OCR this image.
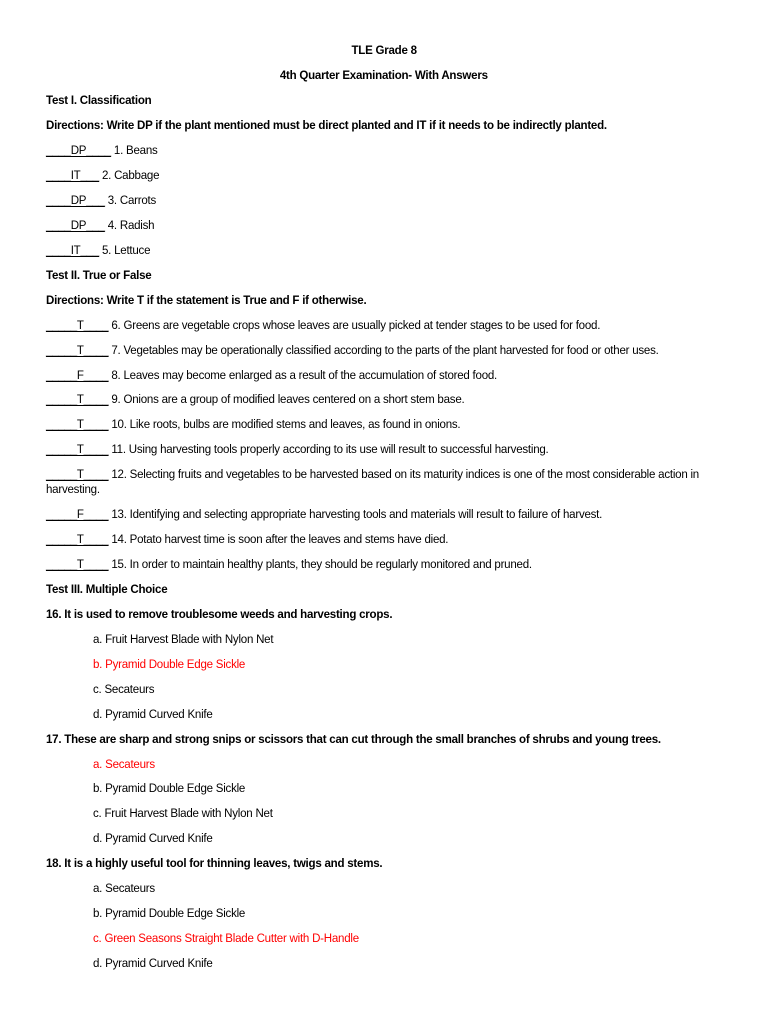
TLE Grade 8
4th Quarter Examination- With Answers
Test I. Classification
Directions: Write DP if the plant mentioned must be direct planted and IT if it needs to be indirectly planted.
____DP____ 1. Beans
____IT___ 2. Cabbage
____DP___ 3. Carrots
____DP___ 4. Radish
____IT___ 5. Lettuce
Test II. True or False
Directions: Write T if the statement is True and F if otherwise.
_____T____ 6. Greens are vegetable crops whose leaves are usually picked at tender stages to be used for food.
_____T____ 7. Vegetables may be operationally classified according to the parts of the plant harvested for food or other uses.
_____F____ 8. Leaves may become enlarged as a result of the accumulation of stored food.
_____T____ 9. Onions are a group of modified leaves centered on a short stem base.
_____T____ 10. Like roots, bulbs are modified stems and leaves, as found in onions.
_____T____ 11. Using harvesting tools properly according to its use will result to successful harvesting.
_____T____ 12. Selecting fruits and vegetables to be harvested based on its maturity indices is one of the most considerable action in harvesting.
_____F____ 13. Identifying and selecting appropriate harvesting tools and materials will result to failure of harvest.
_____T____ 14. Potato harvest time is soon after the leaves and stems have died.
_____T____ 15. In order to maintain healthy plants, they should be regularly monitored and pruned.
Test III. Multiple Choice
16. It is used to remove troublesome weeds and harvesting crops.
a. Fruit Harvest Blade with Nylon Net
b. Pyramid Double Edge Sickle
c. Secateurs
d. Pyramid Curved Knife
17. These are sharp and strong snips or scissors that can cut through the small branches of shrubs and young trees.
a. Secateurs
b. Pyramid Double Edge Sickle
c. Fruit Harvest Blade with Nylon Net
d. Pyramid Curved Knife
18. It is a highly useful tool for thinning leaves, twigs and stems.
a. Secateurs
b. Pyramid Double Edge Sickle
c. Green Seasons Straight Blade Cutter with D-Handle
d. Pyramid Curved Knife
